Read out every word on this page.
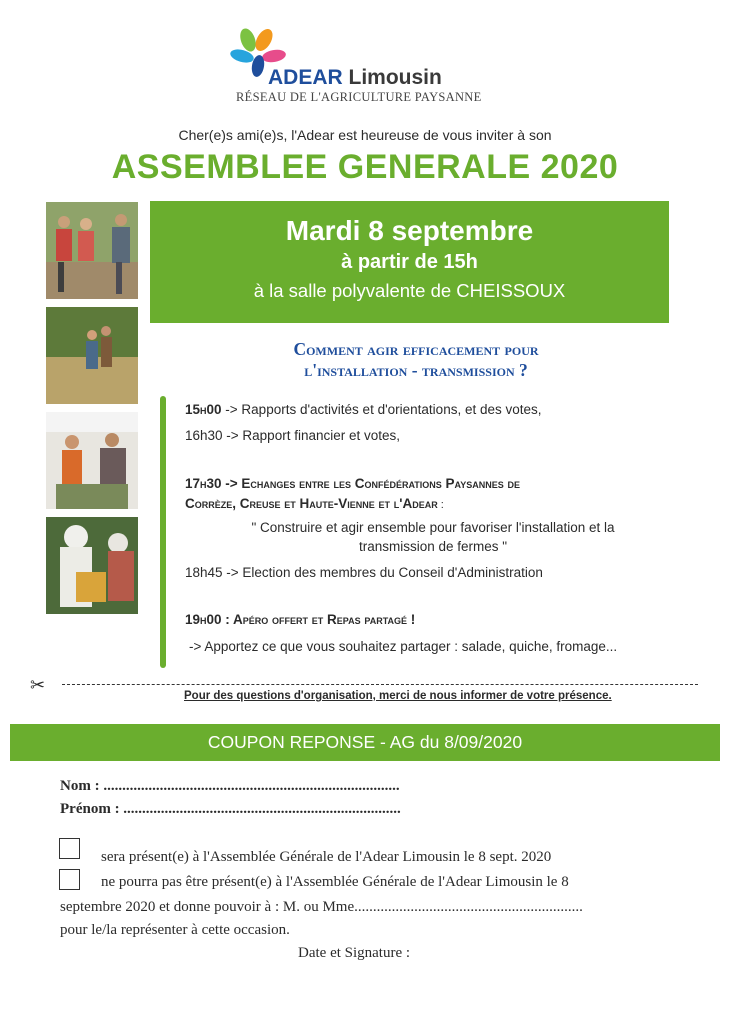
ADEAR Limousin
RÉSEAU DE L'AGRICULTURE PAYSANNE
Cher(e)s ami(e)s, l'Adear est heureuse de vous inviter à son
ASSEMBLEE GENERALE 2020
Mardi 8 septembre
à partir de 15h
à la salle polyvalente de CHEISSOUX
Comment agir efficacement pour
l'installation - transmission ?
15h00 -> Rapports d'activités et d'orientations, et des votes,
16h30 -> Rapport financier et votes,
17h30 -> Echanges entre les Confédérations Paysannes de
Corrèze, Creuse et Haute-Vienne et l'Adear :
" Construire et agir ensemble pour favoriser l'installation et la
transmission de fermes "
18h45 -> Election des membres du Conseil d'Administration
19h00 : Apéro offert et Repas partagé !
-> Apportez ce que vous souhaitez partager : salade, quiche, fromage...
✂
Pour des questions d'organisation, merci de nous informer de votre présence.
COUPON REPONSE - AG du 8/09/2020
Nom : ...............................................................................
Prénom : ..........................................................................
sera présent(e) à l'Assemblée Générale de l'Adear Limousin le 8 sept. 2020
ne pourra pas être présent(e) à l'Assemblée Générale de l'Adear Limousin le 8
septembre 2020 et donne pouvoir à : M. ou Mme.............................................................
pour le/la représenter à cette occasion.
Date et Signature :
